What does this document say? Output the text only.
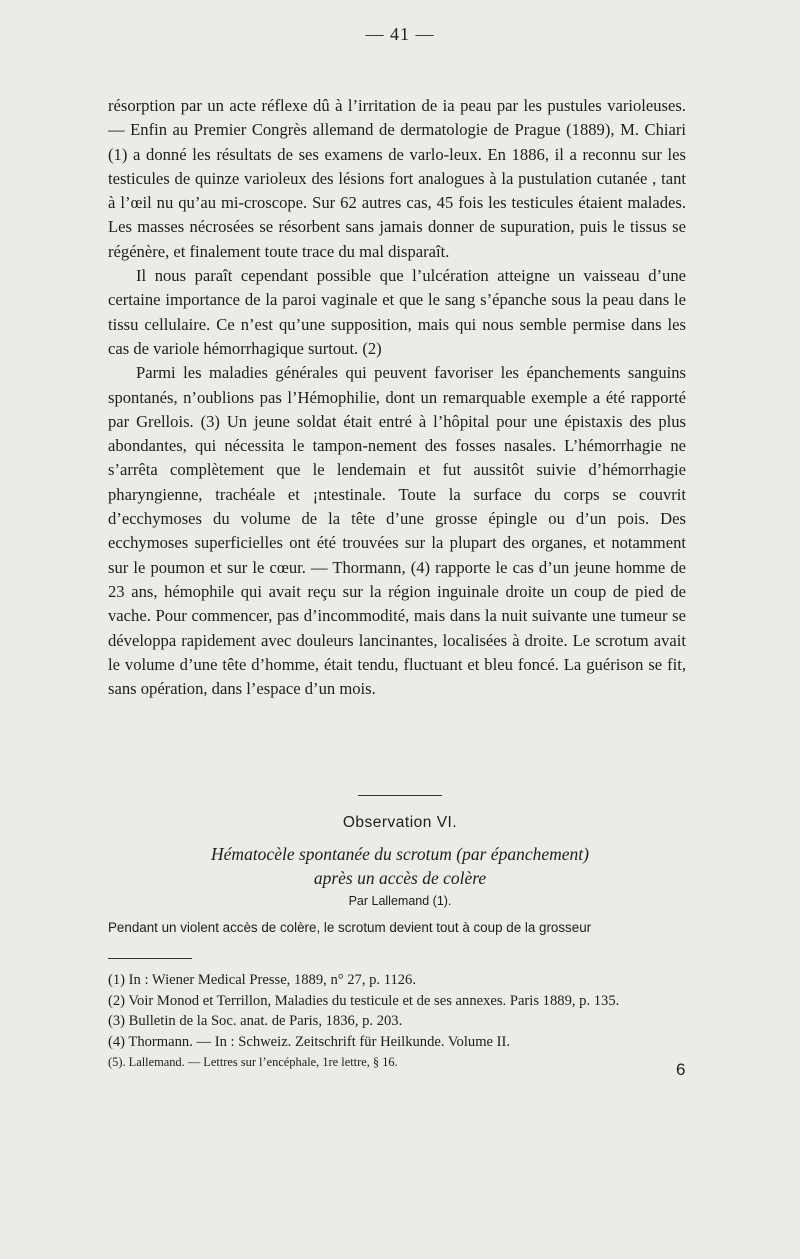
— 41 —

résorption par un acte réflexe dû à l’irritation de ia peau par les pustules varioleuses. — Enfin au Premier Congrès allemand de dermatologie de Prague (1889), M. Chiari (1) a donné les résultats de ses examens de varlo-leux. En 1886, il a reconnu sur les testicules de quinze varioleux des lésions fort analogues à la pustulation cutanée , tant à l’œil nu qu’au mi-croscope. Sur 62 autres cas, 45 fois les testicules étaient malades. Les masses nécrosées se résorbent sans jamais donner de supuration, puis le tissus se régénère, et finalement toute trace du mal disparaît.

Il nous paraît cependant possible que l’ulcération atteigne un vaisseau d’une certaine importance de la paroi vaginale et que le sang s’épanche sous la peau dans le tissu cellulaire. Ce n’est qu’une supposition, mais qui nous semble permise dans les cas de variole hémorrhagique surtout. (2)

Parmi les maladies générales qui peuvent favoriser les épanchements sanguins spontanés, n’oublions pas l’Hémophilie, dont un remarquable exemple a été rapporté par Grellois. (3) Un jeune soldat était entré à l’hôpital pour une épistaxis des plus abondantes, qui nécessita le tampon-nement des fosses nasales. L’hémorrhagie ne s’arrêta complètement que le lendemain et fut aussitôt suivie d’hémorrhagie pharyngienne, trachéale et ¡ntestinale. Toute la surface du corps se couvrit d’ecchymoses du volume de la tête d’une grosse épingle ou d’un pois. Des ecchymoses superficielles ont été trouvées sur la plupart des organes, et notamment sur le poumon et sur le cœur. — Thormann, (4) rapporte le cas d’un jeune homme de 23 ans, hémophile qui avait reçu sur la région inguinale droite un coup de pied de vache. Pour commencer, pas d’incommodité, mais dans la nuit suivante une tumeur se développa rapidement avec douleurs lancinantes, localisées à droite. Le scrotum avait le volume d’une tête d’homme, était tendu, fluctuant et bleu foncé. La guérison se fit, sans opération, dans l’espace d’un mois.

Observation VI.
Hématocèle spontanée du scrotum (par épanchement)
après un accès de colère
Par Lallemand (1).
Pendant un violent accès de colère, le scrotum devient tout à coup de la grosseur

(1) In : Wiener Medical Presse, 1889, n° 27, p. 1126.

(2) Voir Monod et Terrillon, Maladies du testicule et de ses annexes. Paris 1889, p. 135.

(3) Bulletin de la Soc. anat. de Paris, 1836, p. 203.

(4) Thormann. — In : Schweiz. Zeitschrift für Heilkunde. Volume II.

(5). Lallemand. — Lettres sur l’encéphale, 1re lettre, § 16.	6
